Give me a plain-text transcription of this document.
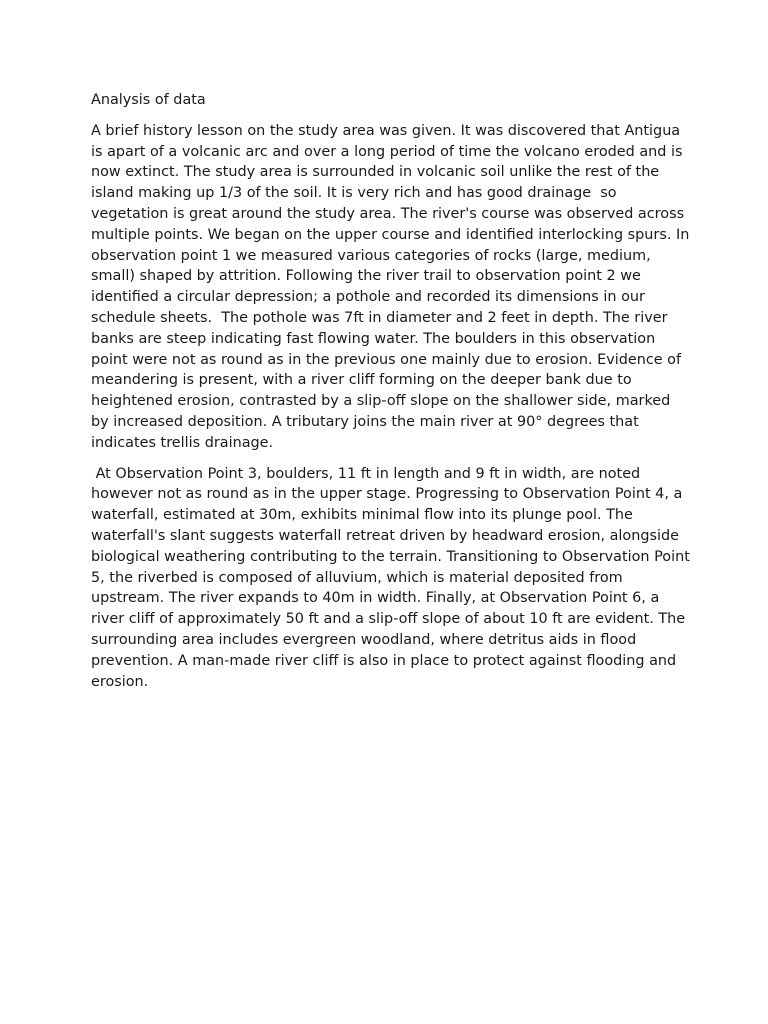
Analysis of data

A brief history lesson on the study area was given. It was discovered that Antigua is apart of a volcanic arc and over a long period of time the volcano eroded and is now extinct. The study area is surrounded in volcanic soil unlike the rest of the island making up 1/3 of the soil. It is very rich and has good drainage  so vegetation is great around the study area. The river's course was observed across multiple points. We began on the upper course and identified interlocking spurs. In observation point 1 we measured various categories of rocks (large, medium, small) shaped by attrition. Following the river trail to observation point 2 we identified a circular depression; a pothole and recorded its dimensions in our schedule sheets.  The pothole was 7ft in diameter and 2 feet in depth. The river banks are steep indicating fast flowing water. The boulders in this observation point were not as round as in the previous one mainly due to erosion. Evidence of meandering is present, with a river cliff forming on the deeper bank due to heightened erosion, contrasted by a slip-off slope on the shallower side, marked by increased deposition. A tributary joins the main river at 90° degrees that indicates trellis drainage.

At Observation Point 3, boulders, 11 ft in length and 9 ft in width, are noted however not as round as in the upper stage. Progressing to Observation Point 4, a waterfall, estimated at 30m, exhibits minimal flow into its plunge pool. The waterfall's slant suggests waterfall retreat driven by headward erosion, alongside biological weathering contributing to the terrain. Transitioning to Observation Point 5, the riverbed is composed of alluvium, which is material deposited from upstream. The river expands to 40m in width. Finally, at Observation Point 6, a river cliff of approximately 50 ft and a slip-off slope of about 10 ft are evident. The surrounding area includes evergreen woodland, where detritus aids in flood prevention. A man-made river cliff is also in place to protect against flooding and erosion.
